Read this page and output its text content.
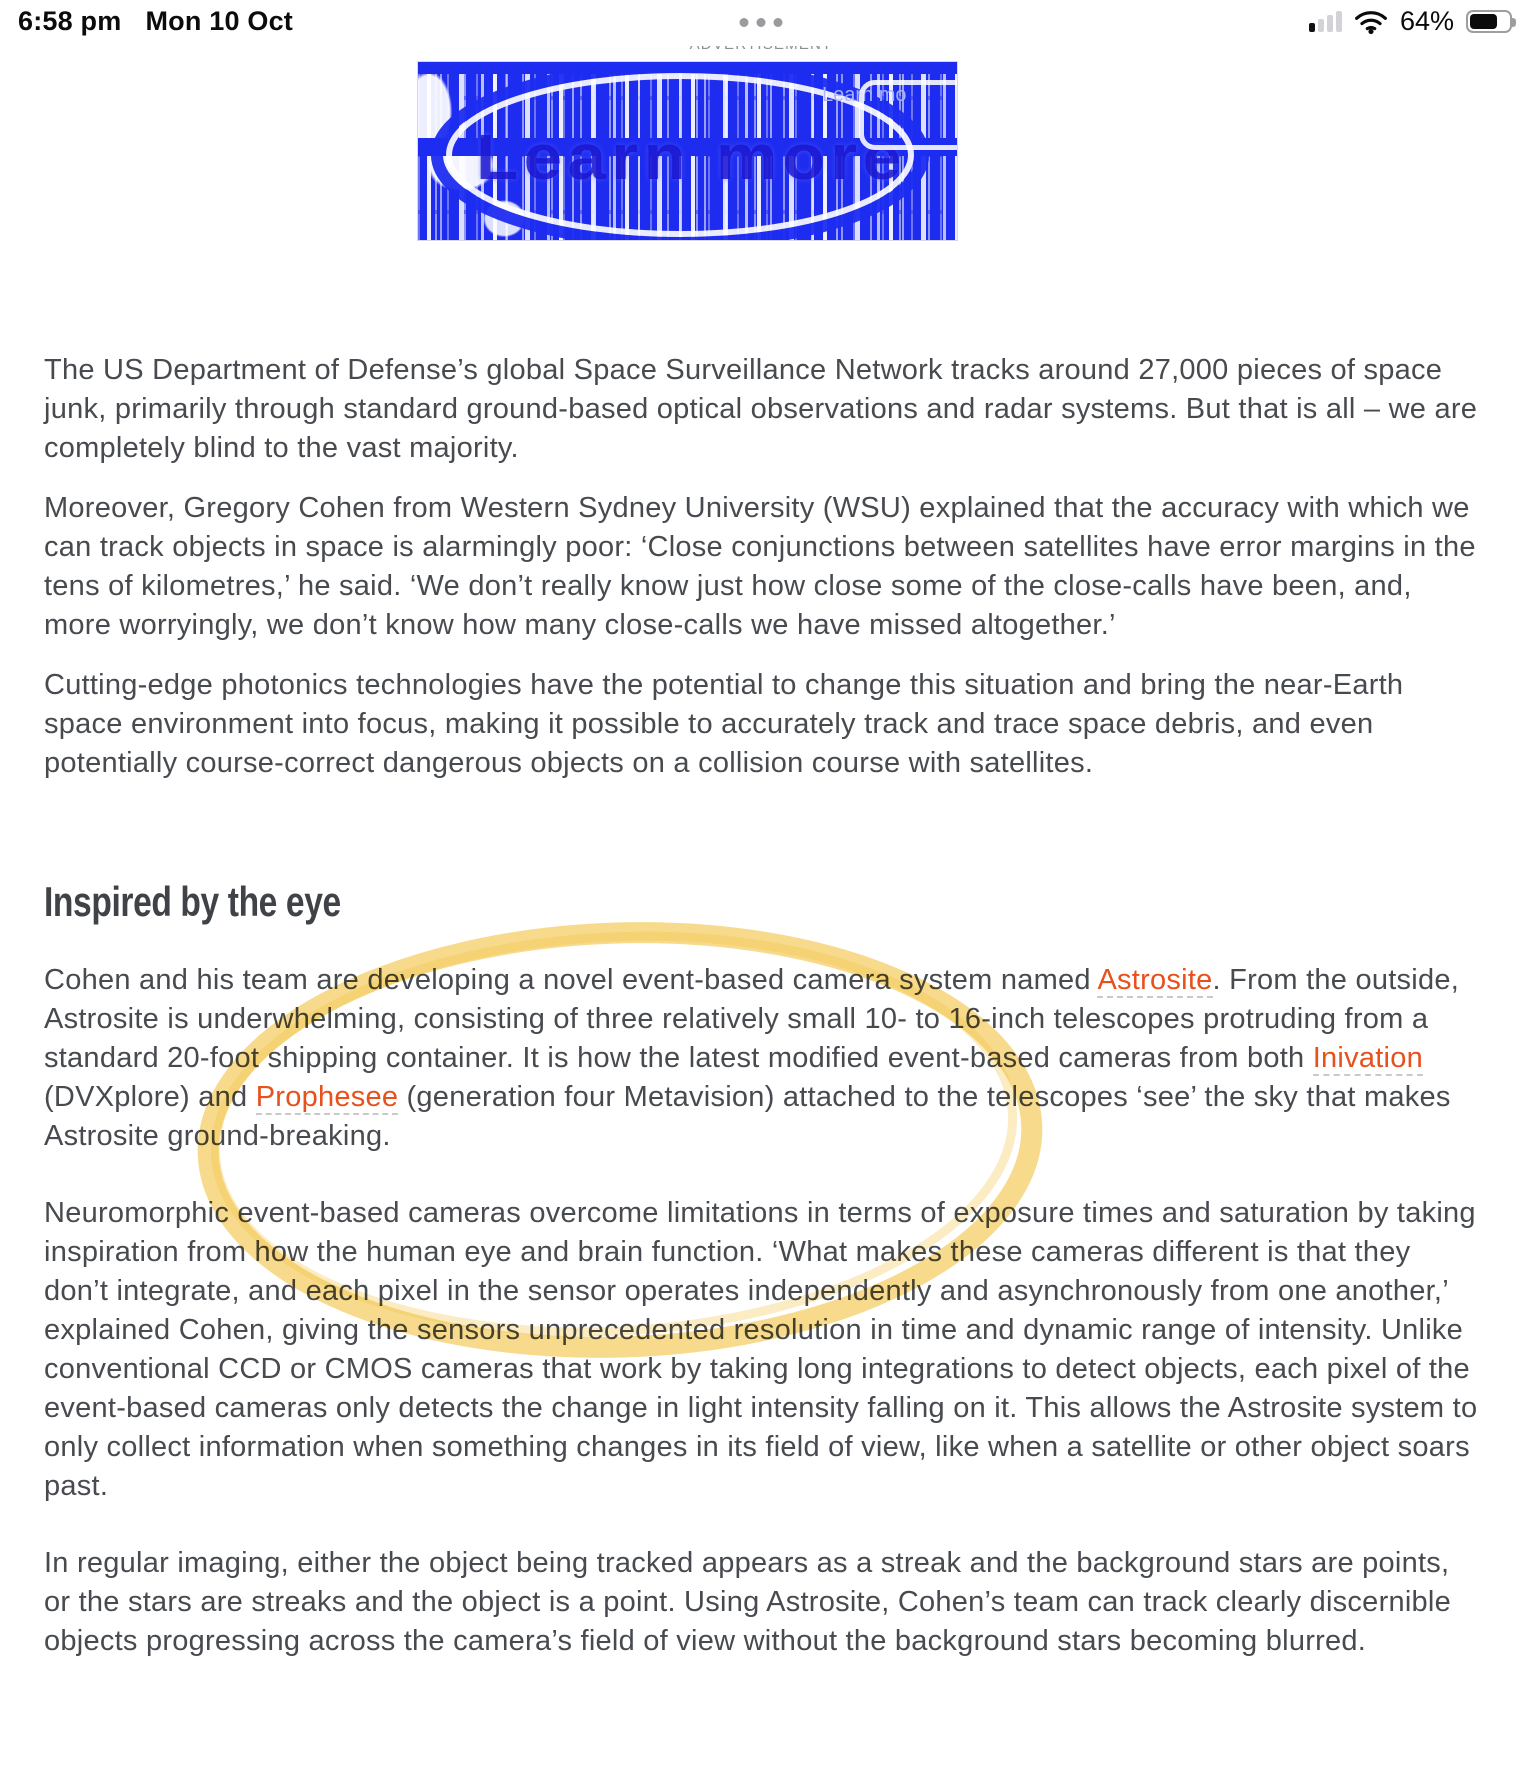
6:58 pm Mon 10 Oct	64%
Learn more
Learn mo

The US Department of Defense’s global Space Surveillance Network tracks around 27,000 pieces of space junk, primarily through standard ground-based optical observations and radar systems. But that is all – we are completely blind to the vast majority.

Moreover, Gregory Cohen from Western Sydney University (WSU) explained that the accuracy with which we can track objects in space is alarmingly poor: ‘Close conjunctions between satellites have error margins in the tens of kilometres,’ he said. ‘We don’t really know just how close some of the close-calls have been, and, more worryingly, we don’t know how many close-calls we have missed altogether.’

Cutting-edge photonics technologies have the potential to change this situation and bring the near-Earth space environment into focus, making it possible to accurately track and trace space debris, and even potentially course-correct dangerous objects on a collision course with satellites.

Inspired by the eye

Cohen and his team are developing a novel event-based camera system named Astrosite. From the outside, Astrosite is underwhelming, consisting of three relatively small 10- to 16-inch telescopes protruding from a standard 20-foot shipping container. It is how the latest modified event-based cameras from both Inivation (DVXplore) and Prophesee (generation four Metavision) attached to the telescopes ‘see’ the sky that makes Astrosite ground-breaking.

Neuromorphic event-based cameras overcome limitations in terms of exposure times and saturation by taking inspiration from how the human eye and brain function. ‘What makes these cameras different is that they don’t integrate, and each pixel in the sensor operates independently and asynchronously from one another,’ explained Cohen, giving the sensors unprecedented resolution in time and dynamic range of intensity. Unlike conventional CCD or CMOS cameras that work by taking long integrations to detect objects, each pixel of the event-based cameras only detects the change in light intensity falling on it. This allows the Astrosite system to only collect information when something changes in its field of view, like when a satellite or other object soars past.

In regular imaging, either the object being tracked appears as a streak and the background stars are points, or the stars are streaks and the object is a point. Using Astrosite, Cohen’s team can track clearly discernible objects progressing across the camera’s field of view without the background stars becoming blurred.
